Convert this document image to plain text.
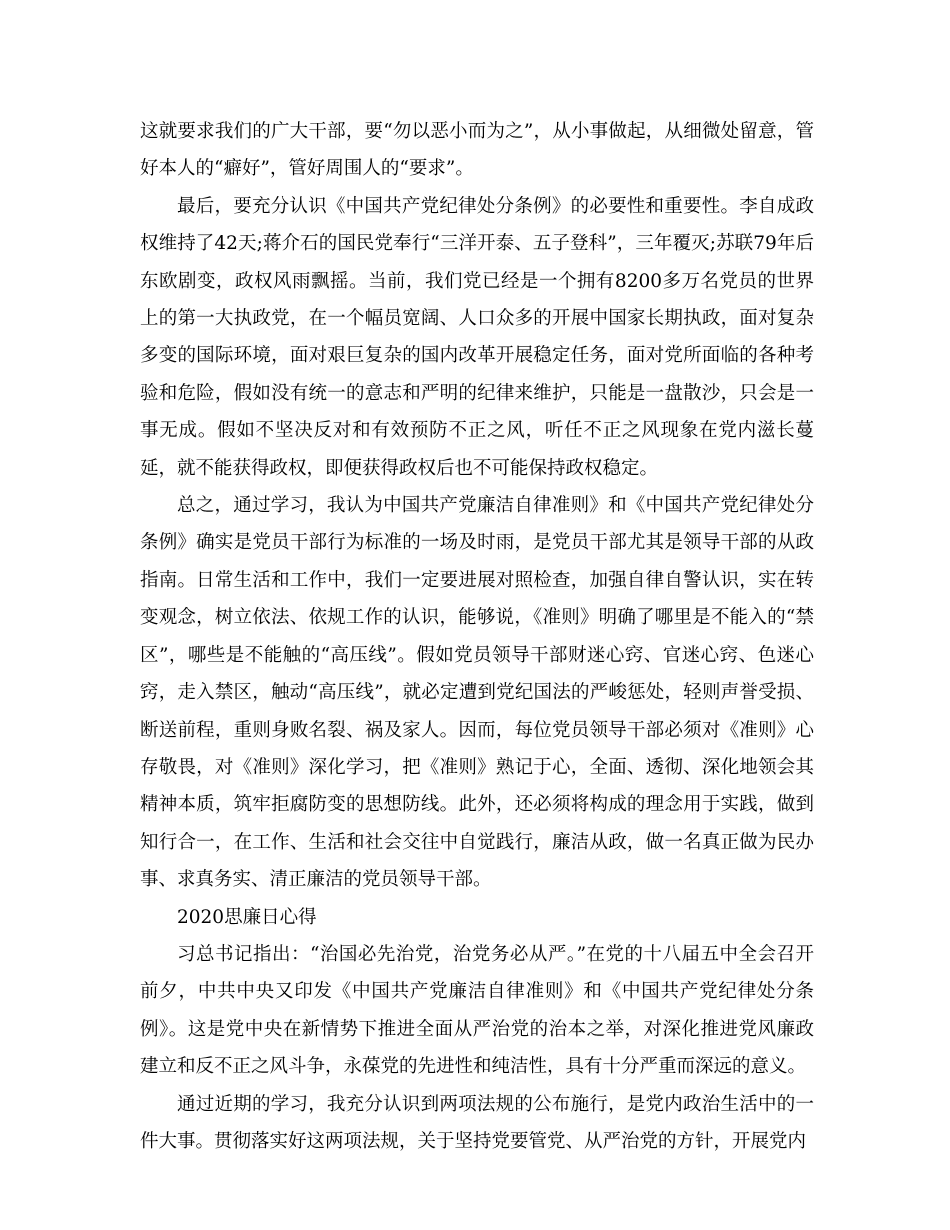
这就要求我们的广大干部，要“勿以恶小而为之”，从小事做起，从细微处留意，管好本人的“癖好”，管好周围人的“要求”。

最后，要充分认识《中国共产党纪律处分条例》的必要性和重要性。李自成政权维持了42天;蒋介石的国民党奉行“三洋开泰、五子登科”，三年覆灭;苏联79年后东欧剧变，政权风雨飘摇。当前，我们党已经是一个拥有8200多万名党员的世界上的第一大执政党，在一个幅员宽阔、人口众多的开展中国家长期执政，面对复杂多变的国际环境，面对艰巨复杂的国内改革开展稳定任务，面对党所面临的各种考验和危险，假如没有统一的意志和严明的纪律来维护，只能是一盘散沙，只会是一事无成。假如不坚决反对和有效预防不正之风，听任不正之风现象在党内滋长蔓延，就不能获得政权，即便获得政权后也不可能保持政权稳定。

总之，通过学习，我认为中国共产党廉洁自律准则》和《中国共产党纪律处分条例》确实是党员干部行为标准的一场及时雨，是党员干部尤其是领导干部的从政指南。日常生活和工作中，我们一定要进展对照检查，加强自律自警认识，实在转变观念，树立依法、依规工作的认识，能够说，《准则》明确了哪里是不能入的“禁区”，哪些是不能触的“高压线”。假如党员领导干部财迷心窍、官迷心窍、色迷心窍，走入禁区，触动“高压线”，就必定遭到党纪国法的严峻惩处，轻则声誉受损、断送前程，重则身败名裂、祸及家人。因而，每位党员领导干部必须对《准则》心存敬畏，对《准则》深化学习，把《准则》熟记于心，全面、透彻、深化地领会其精神本质，筑牢拒腐防变的思想防线。此外，还必须将构成的理念用于实践，做到知行合一，在工作、生活和社会交往中自觉践行，廉洁从政，做一名真正做为民办事、求真务实、清正廉洁的党员领导干部。

2020思廉日心得

习总书记指出：“治国必先治党，治党务必从严。”在党的十八届五中全会召开前夕，中共中央又印发《中国共产党廉洁自律准则》和《中国共产党纪律处分条例》。这是党中央在新情势下推进全面从严治党的治本之举，对深化推进党风廉政建立和反不正之风斗争，永葆党的先进性和纯洁性，具有十分严重而深远的意义。

通过近期的学习，我充分认识到两项法规的公布施行，是党内政治生活中的一件大事。贯彻落实好这两项法规，关于坚持党要管党、从严治党的方针，开展党内
